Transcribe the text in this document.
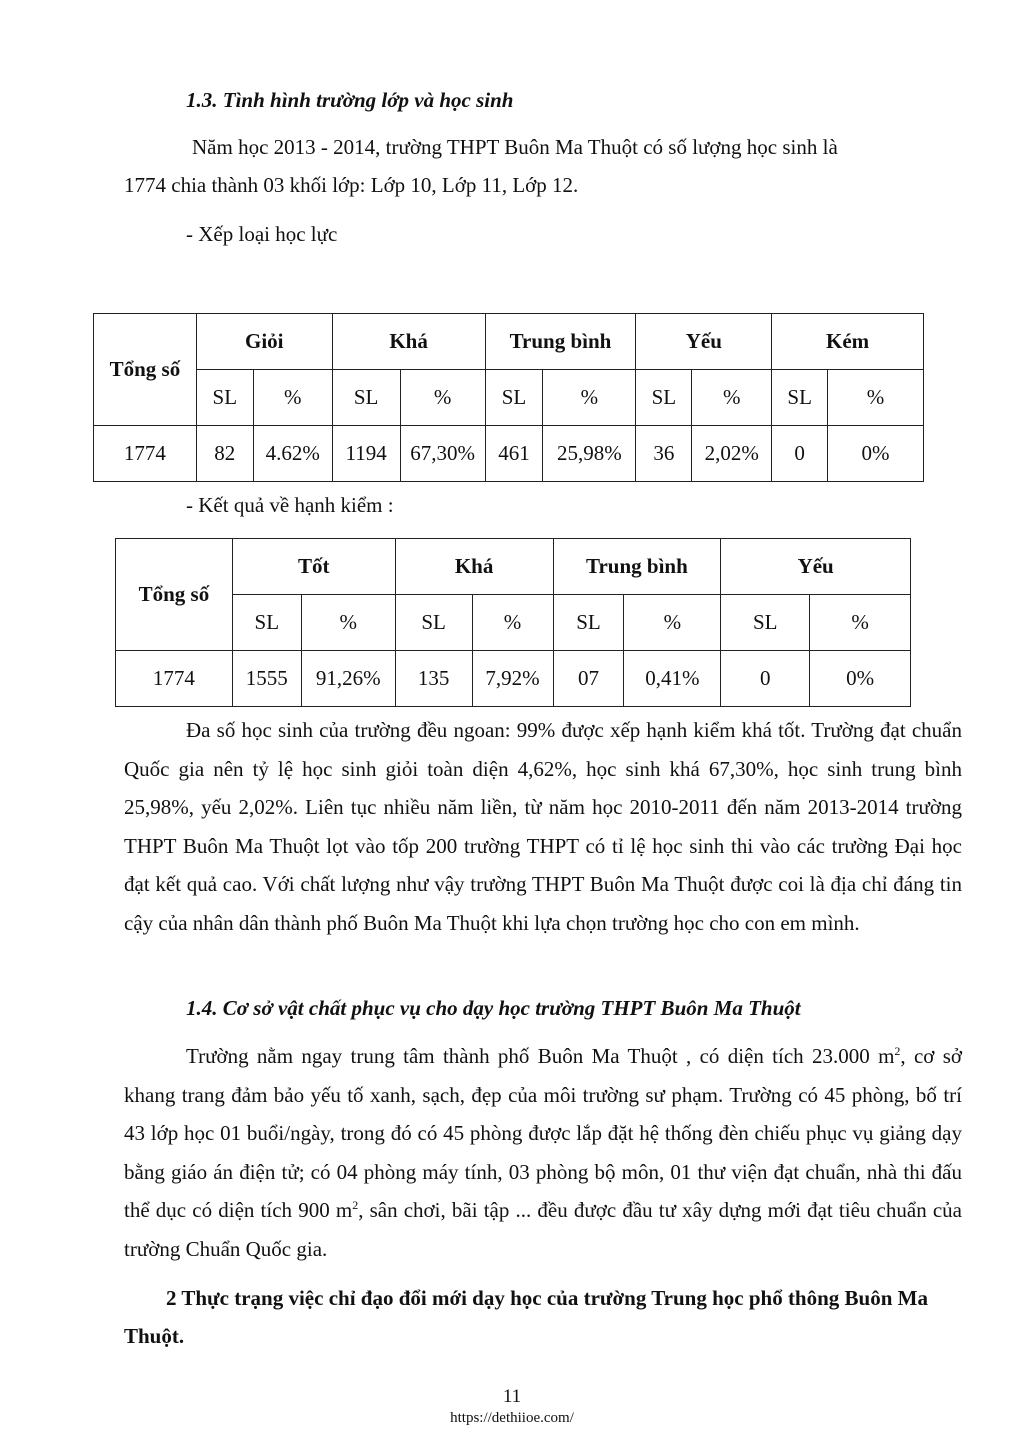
1.3. Tình hình trường lớp và học sinh
Năm học 2013 - 2014, trường THPT Buôn Ma Thuột có số lượng học sinh là
1774 chia thành 03 khối lớp: Lớp 10, Lớp 11, Lớp 12.
- Xếp loại học lực
Tổng số	Giỏi		Khá		Trung bình		Yếu		Kém	
	SL	%	SL	%	SL	%	SL	%	SL	%
1774	82	4.62%	1194	67,30%	461	25,98%	36	2,02%	0	0%
- Kết quả về hạnh kiểm :
Tổng số	Tốt		Khá		Trung bình		Yếu	
	SL	%	SL	%	SL	%	SL	%
1774	1555	91,26%	135	7,92%	07	0,41%	0	0%

Đa số học sinh của trường đều ngoan: 99% được xếp hạnh kiểm khá tốt. Trường đạt chuẩn Quốc gia nên tỷ lệ học sinh giỏi toàn diện 4,62%, học sinh khá 67,30%, học sinh trung bình 25,98%, yếu 2,02%. Liên tục nhiều năm liền, từ năm học 2010-2011 đến năm 2013-2014 trường THPT Buôn Ma Thuột lọt vào tốp 200 trường THPT có tỉ lệ học sinh thi vào các trường Đại học đạt kết quả cao. Với chất lượng như vậy trường THPT Buôn Ma Thuột được coi là địa chỉ đáng tin cậy của nhân dân thành phố Buôn Ma Thuột khi lựa chọn trường học cho con em mình.

1.4. Cơ sở vật chất phục vụ cho dạy học trường THPT Buôn Ma Thuột

Trường nằm ngay trung tâm thành phố Buôn Ma Thuột , có diện tích 23.000 $m^2$, cơ sở khang trang đảm bảo yếu tố xanh, sạch, đẹp của môi trường sư phạm. Trường có 45 phòng, bố trí 43 lớp học 01 buổi/ngày, trong đó có 45 phòng được lắp đặt hệ thống đèn chiếu phục vụ giảng dạy bằng giáo án điện tử; có 04 phòng máy tính, 03 phòng bộ môn, 01 thư viện đạt chuẩn, nhà thi đấu thể dục có diện tích 900 $m^2$, sân chơi, bãi tập ... đều được đầu tư xây dựng mới đạt tiêu chuẩn của trường Chuẩn Quốc gia.

2 Thực trạng việc chỉ đạo đổi mới dạy học của trường Trung học phổ thông Buôn Ma Thuột.

11
https://dethiioe.com/
